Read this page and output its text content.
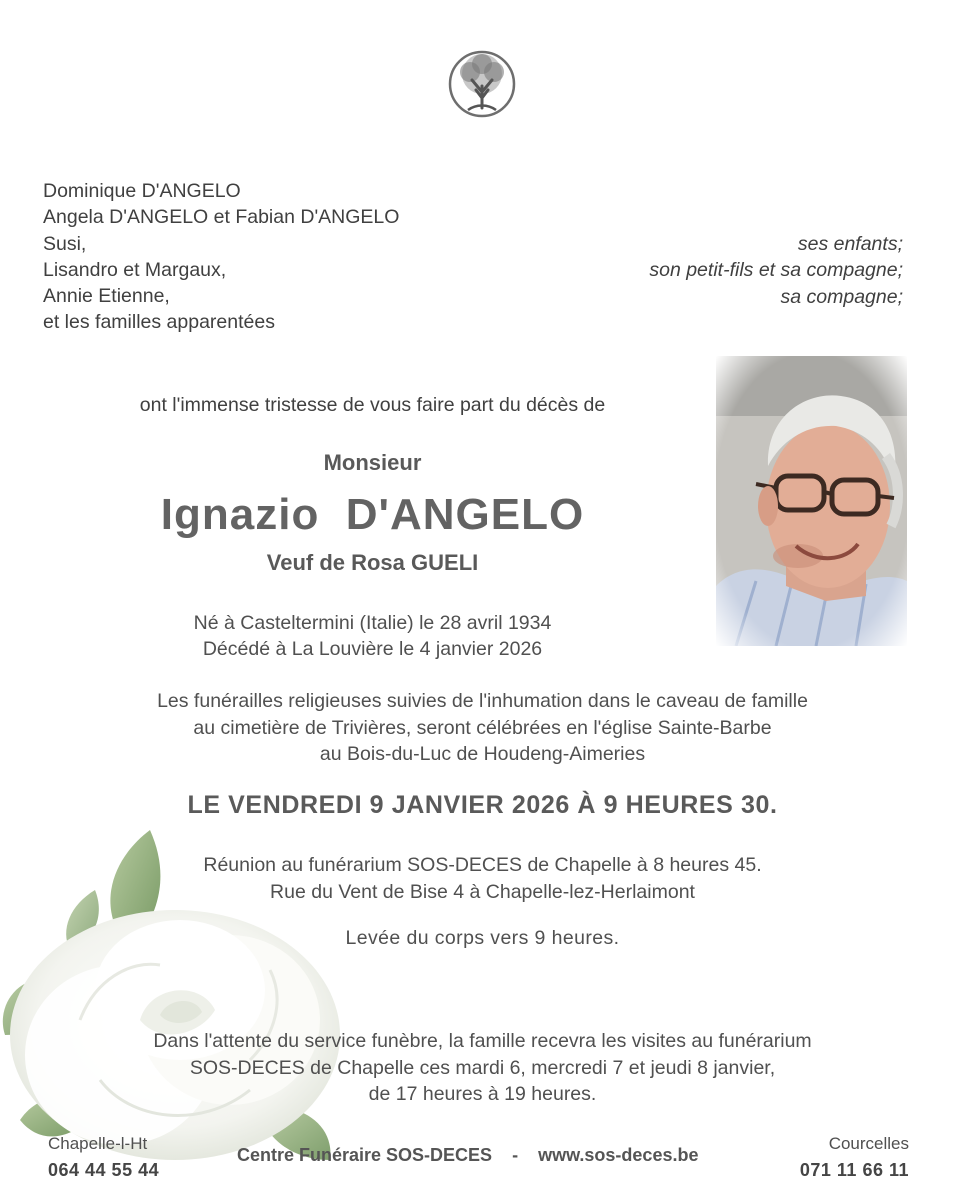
Dominique D'ANGELO
Angela D'ANGELO et Fabian D'ANGELO
Susi,
Lisandro et Margaux,
Annie Etienne,
et les familles apparentées
ses enfants;
son petit-fils et sa compagne;
sa compagne;
ont l'immense tristesse de vous faire part du décès de
Monsieur
Ignazio  D'ANGELO
Veuf de Rosa GUELI
Né à Casteltermini (Italie) le 28 avril 1934
Décédé à La Louvière le 4 janvier 2026
Les funérailles religieuses suivies de l'inhumation dans le caveau de famille
au cimetière de Trivières, seront célébrées en l'église Sainte-Barbe
au Bois-du-Luc de Houdeng-Aimeries
LE VENDREDI 9 JANVIER 2026 À 9 HEURES 30.
Réunion au funérarium SOS-DECES de Chapelle à 8 heures 45.
Rue du Vent de Bise 4 à Chapelle-lez-Herlaimont
Levée du corps vers 9 heures.
Dans l'attente du service funèbre, la famille recevra les visites au funérarium
SOS-DECES de Chapelle ces mardi 6, mercredi 7 et jeudi 8 janvier,
de 17 heures à 19 heures.
Chapelle-l-Ht
064 44 55 44
Centre Funéraire SOS-DECES - www.sos-deces.be
Courcelles
071 11 66 11
